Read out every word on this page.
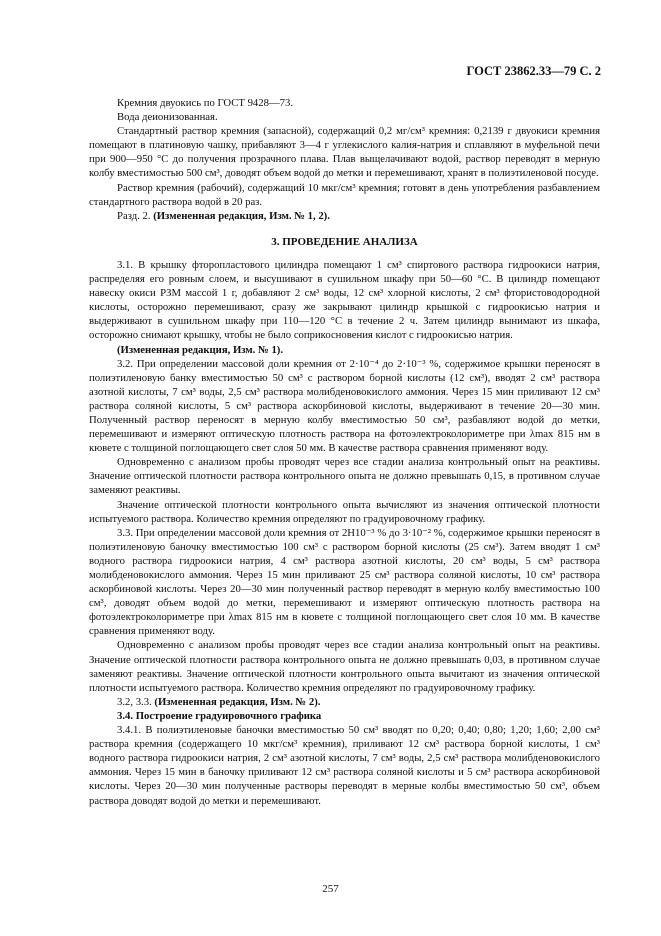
ГОСТ 23862.33—79 С. 2

Кремния двуокись по ГОСТ 9428—73.

Вода деионизованная.

Стандартный раствор кремния (запасной), содержащий 0,2 мг/см³ кремния: 0,2139 г двуокиси кремния помещают в платиновую чашку, прибавляют 3—4 г углекислого калия-натрия и сплавляют в муфельной печи при 900—950 °С до получения прозрачного плава. Плав выщелачивают водой, раствор переводят в мерную колбу вместимостью 500 см³, доводят объем водой до метки и перемешивают, хранят в полиэтиленовой посуде.

Раствор кремния (рабочий), содержащий 10 мкг/см³ кремния; готовят в день употребления разбавлением стандартного раствора водой в 20 раз.

Разд. 2. (Измененная редакция, Изм. № 1, 2).

3. ПРОВЕДЕНИЕ АНАЛИЗА

3.1. В крышку фторопластового цилиндра помещают 1 см³ спиртового раствора гидроокиси натрия, распределяя его ровным слоем, и высушивают в сушильном шкафу при 50—60 °С. В цилиндр помещают навеску окиси РЗМ массой 1 г, добавляют 2 см³ воды, 12 см³ хлорной кислоты, 2 см³ фтористоводородной кислоты, осторожно перемешивают, сразу же закрывают цилиндр крышкой с гидроокисью натрия и выдерживают в сушильном шкафу при 110—120 °С в течение 2 ч. Затем цилиндр вынимают из шкафа, осторожно снимают крышку, чтобы не было соприкосновения кислот с гидроокисью натрия.

(Измененная редакция, Изм. № 1).

3.2. При определении массовой доли кремния от 2·10⁻⁴ до 2·10⁻³ %, содержимое крышки переносят в полиэтиленовую банку вместимостью 50 см³ с раствором борной кислоты (12 см³), вводят 2 см³ раствора азотной кислоты, 7 см³ воды, 2,5 см³ раствора молибденовокислого аммония. Через 15 мин приливают 12 см³ раствора соляной кислоты, 5 см³ раствора аскорбиновой кислоты, выдерживают в течение 20—30 мин. Полученный раствор переносят в мерную колбу вместимостью 50 см³, разбавляют водой до метки, перемешивают и измеряют оптическую плотность раствора на фотоэлектроколориметре при λmax 815 нм в кювете с толщиной поглощающего свет слоя 50 мм. В качестве раствора сравнения применяют воду.

Одновременно с анализом пробы проводят через все стадии анализа контрольный опыт на реактивы. Значение оптической плотности раствора контрольного опыта не должно превышать 0,15, в противном случае заменяют реактивы.

Значение оптической плотности контрольного опыта вычисляют из значения оптической плотности испытуемого раствора. Количество кремния определяют по градуировочному графику.

3.3. При определении массовой доли кремния от 2Н10⁻³ % до 3·10⁻² %, содержимое крышки переносят в полиэтиленовую баночку вместимостью 100 см³ с раствором борной кислоты (25 см³). Затем вводят 1 см³ водного раствора гидроокиси натрия, 4 см³ раствора азотной кислоты, 20 см³ воды, 5 см³ раствора молибденовокислого аммония. Через 15 мин приливают 25 см³ раствора соляной кислоты, 10 см³ раствора аскорбиновой кислоты. Через 20—30 мин полученный раствор переводят в мерную колбу вместимостью 100 см³, доводят объем водой до метки, перемешивают и измеряют оптическую плотность раствора на фотоэлектроколориметре при λmax 815 нм в кювете с толщиной поглощающего свет слоя 10 мм. В качестве сравнения применяют воду.

Одновременно с анализом пробы проводят через все стадии анализа контрольный опыт на реактивы. Значение оптической плотности раствора контрольного опыта не должно превышать 0,03, в противном случае заменяют реактивы. Значение оптической плотности контрольного опыта вычитают из значения оптической плотности испытуемого раствора. Количество кремния определяют по градуировочному графику.

3.2, 3.3. (Измененная редакция, Изм. № 2).

3.4. Построение градуировочного графика

3.4.1. В полиэтиленовые баночки вместимостью 50 см³ вводят по 0,20; 0,40; 0,80; 1,20; 1,60; 2,00 см³ раствора кремния (содержащего 10 мкг/см³ кремния), приливают 12 см³ раствора борной кислоты, 1 см³ водного раствора гидроокиси натрия, 2 см³ азотной кислоты, 7 см³ воды, 2,5 см³ раствора молибденовокислого аммония. Через 15 мин в баночку приливают 12 см³ раствора соляной кислоты и 5 см³ раствора аскорбиновой кислоты. Через 20—30 мин полученные растворы переводят в мерные колбы вместимостью 50 см³, объем раствора доводят водой до метки и перемешивают.

257
